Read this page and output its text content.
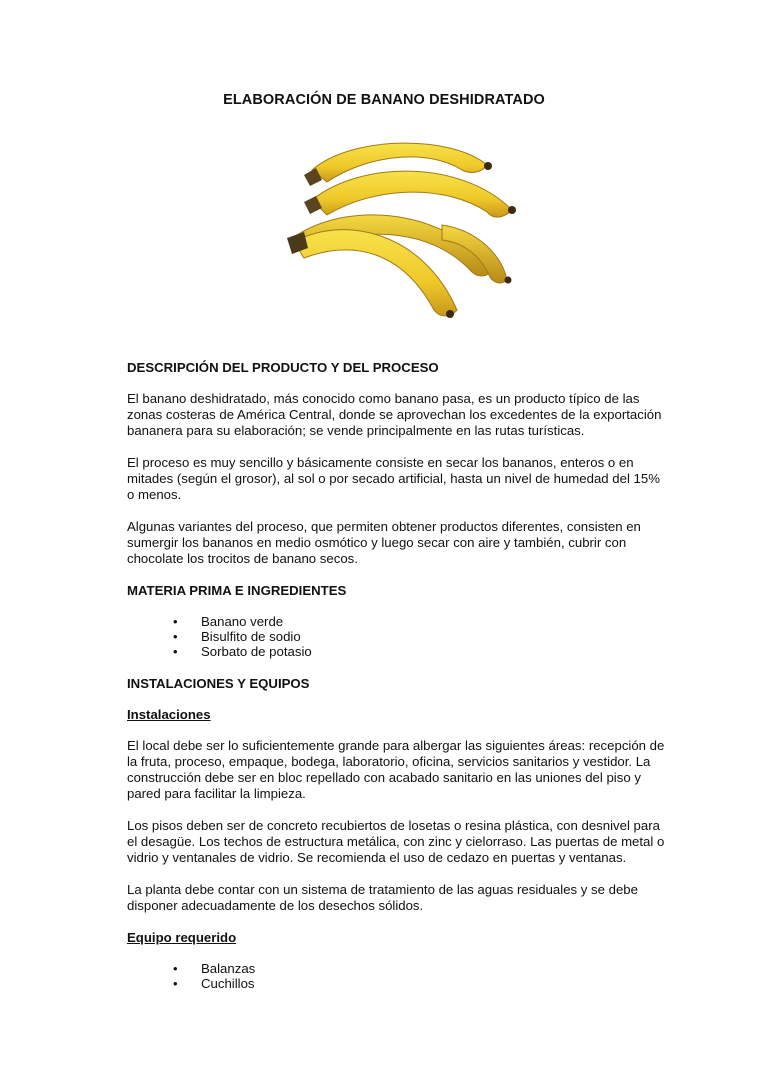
ELABORACIÓN DE BANANO DESHIDRATADO
DESCRIPCIÓN DEL PRODUCTO Y DEL PROCESO

El banano deshidratado, más conocido como banano pasa, es un producto típico de las zonas costeras de América Central, donde se aprovechan los excedentes de la exportación bananera para su elaboración; se vende principalmente en las rutas turísticas.

El proceso es muy sencillo y básicamente consiste en secar los bananos, enteros o en mitades (según el grosor), al sol o por secado artificial, hasta un nivel de humedad del 15% o menos.

Algunas variantes del proceso, que permiten obtener productos diferentes, consisten en sumergir los bananos en medio osmótico y luego secar con aire y también, cubrir con chocolate los trocitos de banano secos.

MATERIA PRIMA E INGREDIENTES
• Banano verde
• Bisulfito de sodio
• Sorbato de potasio
INSTALACIONES Y EQUIPOS
Instalaciones

El local debe ser lo suficientemente grande para albergar las siguientes áreas: recepción de la fruta, proceso, empaque, bodega, laboratorio, oficina, servicios sanitarios y vestidor. La construcción debe ser en bloc repellado con acabado sanitario en las uniones del piso y pared para facilitar la limpieza.

Los pisos deben ser de concreto recubiertos de losetas o resina plástica, con desnivel para el desagüe. Los techos de estructura metálica, con zinc y cielorraso. Las puertas de metal o vidrio y ventanales de vidrio. Se recomienda el uso de cedazo en puertas y ventanas.

La planta debe contar con un sistema de tratamiento de las aguas residuales y se debe disponer adecuadamente de los desechos sólidos.

Equipo requerido
• Balanzas
• Cuchillos
